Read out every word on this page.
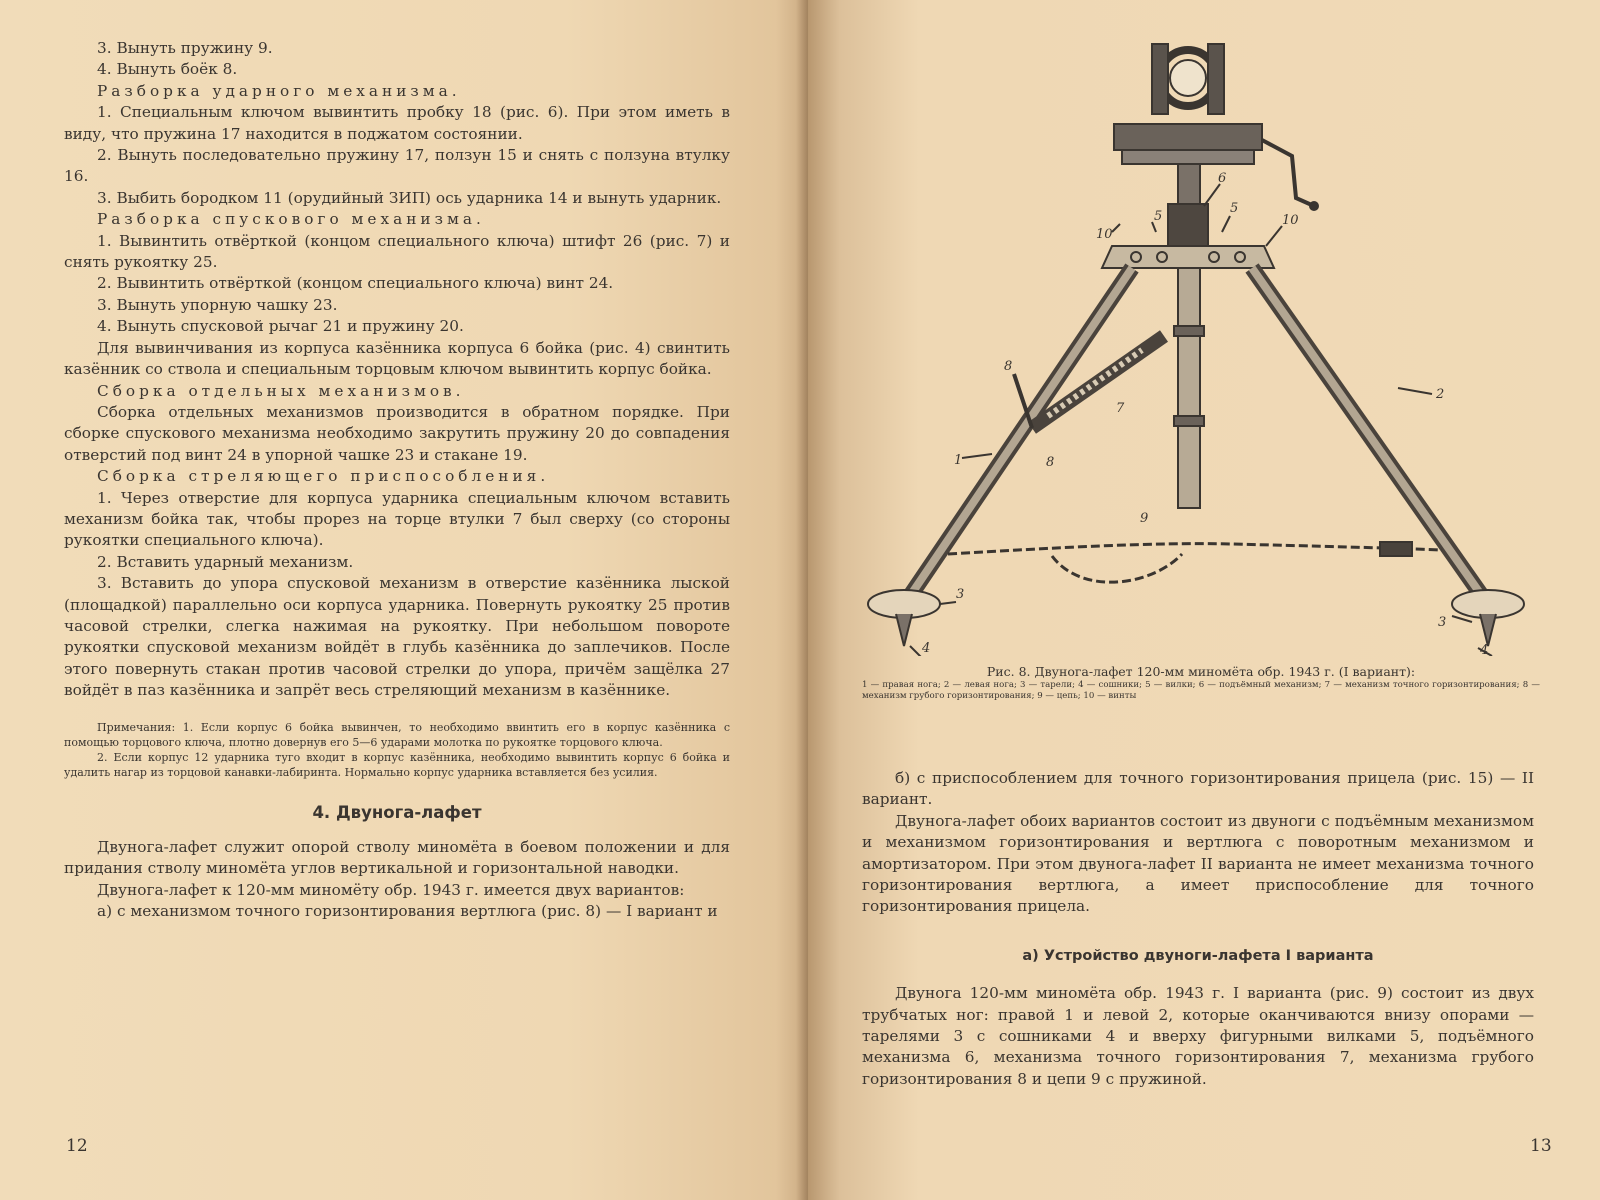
3. Вынуть пружину 9.

4. Вынуть боёк 8.

Разборка ударного механизма.

1. Специальным ключом вывинтить пробку 18 (рис. 6). При этом иметь в виду, что пружина 17 находится в поджатом состоянии.

2. Вынуть последовательно пружину 17, ползун 15 и снять с ползуна втулку 16.

3. Выбить бородком 11 (орудийный ЗИП) ось ударника 14 и вынуть ударник.

Разборка спускового механизма.

1. Вывинтить отвёрткой (концом специального ключа) штифт 26 (рис. 7) и снять рукоятку 25.

2. Вывинтить отвёрткой (концом специального ключа) винт 24.

3. Вынуть упорную чашку 23.

4. Вынуть спусковой рычаг 21 и пружину 20.

Для вывинчивания из корпуса казённика корпуса 6 бойка (рис. 4) свинтить казённик со ствола и специальным торцовым ключом вывинтить корпус бойка.

Сборка отдельных механизмов.

Сборка отдельных механизмов производится в обратном порядке. При сборке спускового механизма необходимо закрутить пружину 20 до совпадения отверстий под винт 24 в упорной чашке 23 и стакане 19.

Сборка стреляющего приспособления.

1. Через отверстие для корпуса ударника специальным ключом вставить механизм бойка так, чтобы прорез на торце втулки 7 был сверху (со стороны рукоятки специального ключа).

2. Вставить ударный механизм.

3. Вставить до упора спусковой механизм в отверстие казённика лыской (площадкой) параллельно оси корпуса ударника. Повернуть рукоятку 25 против часовой стрелки, слегка нажимая на рукоятку. При небольшом повороте рукоятки спусковой механизм войдёт в глубь казённика до заплечиков. После этого повернуть стакан против часовой стрелки до упора, причём защёлка 27 войдёт в паз казённика и запрёт весь стреляющий механизм в казённике.

Примечания: 1. Если корпус 6 бойка вывинчен, то необходимо ввинтить его в корпус казённика с помощью торцового ключа, плотно довернув его 5—6 ударами молотка по рукоятке торцового ключа.

2. Если корпус 12 ударника туго входит в корпус казённика, необходимо вывинтить корпус 6 бойка и удалить нагар из торцовой канавки-лабиринта. Нормально корпус ударника вставляется без усилия.

4. Двунога-лафет

Двунога-лафет служит опорой стволу миномёта в боевом положении и для придания стволу миномёта углов вертикальной и горизонтальной наводки.

Двунога-лафет к 120-мм миномёту обр. 1943 г. имеется двух вариантов:

а) с механизмом точного горизонтирования вертлюга (рис. 8) — I вариант и

12
1
2
3
3
4	4
5
5
6
7
8
8
9
10
10

Рис. 8. Двунога-лафет 120-мм миномёта обр. 1943 г. (I вариант):

1 — правая нога; 2 — левая нога; 3 — тарели; 4 — сошники; 5 — вилки; 6 — подъёмный механизм; 7 — механизм точного горизонтирования; 8 — механизм грубого горизонтирования; 9 — цепь; 10 — винты

б) с приспособлением для точного горизонтирования прицела (рис. 15) — II вариант.

Двунога-лафет обоих вариантов состоит из двуноги с подъёмным механизмом и механизмом горизонтирования и вертлюга с поворотным механизмом и амортизатором. При этом двунога-лафет II варианта не имеет механизма точного горизонтирования вертлюга, а имеет приспособление для точного горизонтирования прицела.

а) Устройство двуноги-лафета I варианта

Двунога 120-мм миномёта обр. 1943 г. I варианта (рис. 9) состоит из двух трубчатых ног: правой 1 и левой 2, которые оканчиваются внизу опорами — тарелями 3 с сошниками 4 и вверху фигурными вилками 5, подъёмного механизма 6, механизма точного горизонтирования 7, механизма грубого горизонтирования 8 и цепи 9 с пружиной.

13
